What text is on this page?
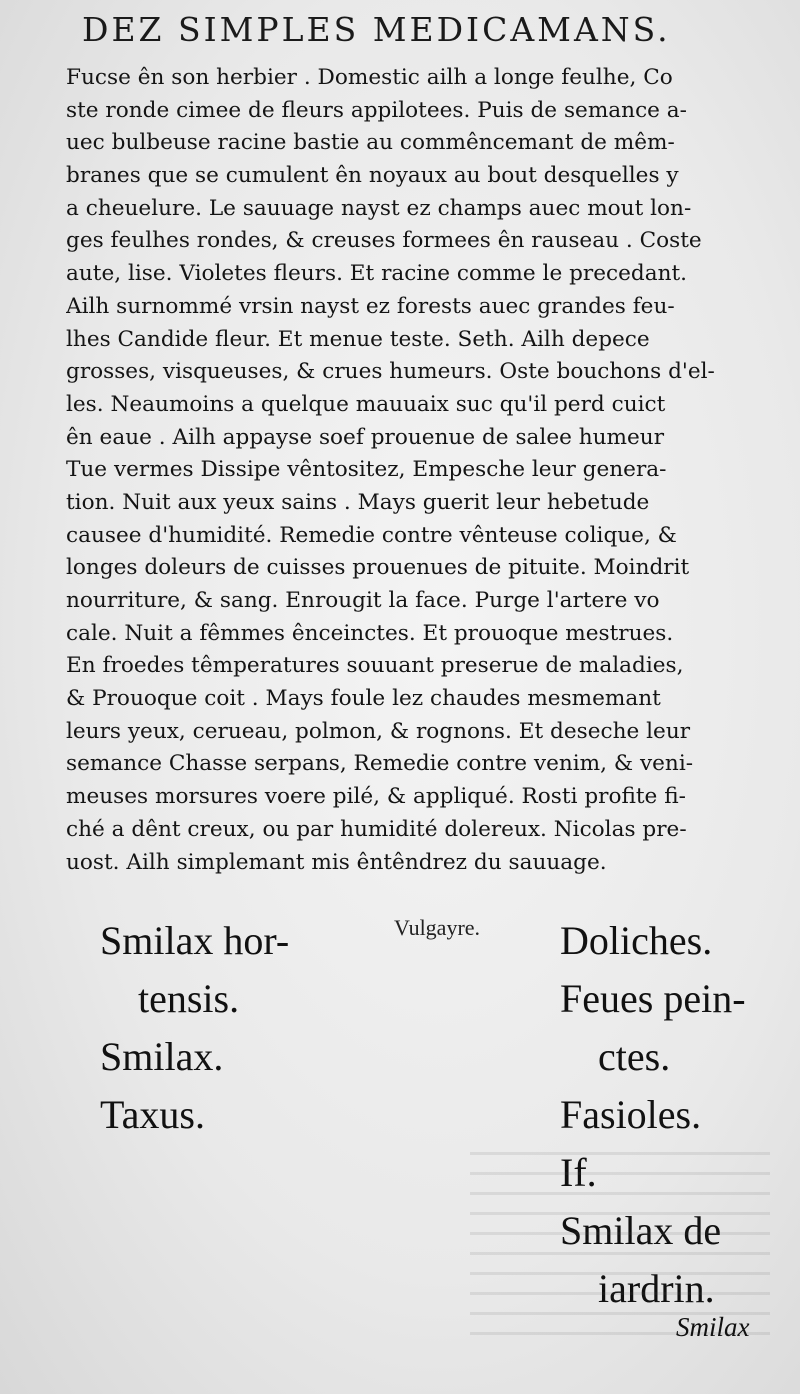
DEZ SIMPLES MEDICAMANS.
Fucse ên son herbier . Domestic ailh a longe feulhe, Co
ste ronde cimee de fleurs appilotees. Puis de semance a-
uec bulbeuse racine bastie au commêncemant de mêm-
branes que se cumulent ên noyaux au bout desquelles y
a cheuelure. Le sauuage nayst ez champs auec mout lon-
ges feulhes rondes, & creuses formees ên rauseau . Coste
aute, lise. Violetes fleurs. Et racine comme le precedant.
Ailh surnommé vrsin nayst ez forests auec grandes feu-
lhes Candide fleur. Et menue teste. Seth. Ailh depece
grosses, visqueuses, & crues humeurs. Oste bouchons d'el-
les. Neaumoins a quelque mauuaix suc qu'il perd cuict
ên eaue . Ailh appayse soef prouenue de salee humeur
Tue vermes Dissipe vêntositez, Empesche leur genera-
tion. Nuit aux yeux sains . Mays guerit leur hebetude
causee d'humidité. Remedie contre vênteuse colique, &
longes doleurs de cuisses prouenues de pituite. Moindrit
nourriture, & sang. Enrougit la face. Purge l'artere vo
cale. Nuit a fêmmes ênceinctes. Et prouoque mestrues.
En froedes têmperatures souuant preserue de maladies,
& Prouoque coit . Mays foule lez chaudes mesmemant
leurs yeux, cerueau, polmon, & rognons. Et deseche leur
semance Chasse serpans, Remedie contre venim, & veni-
meuses morsures voere pilé, & appliqué. Rosti profite fi-
ché a dênt creux, ou par humidité dolereux. Nicolas pre-
uost. Ailh simplemant mis êntêndrez du sauuage.
Smilax hor-
tensis.
Smilax.
Taxus.
Vulgayre. Doliches.
Feues pein-
ctes.
Fasioles.
If.
Smilax de
iardrin.
Smilax
